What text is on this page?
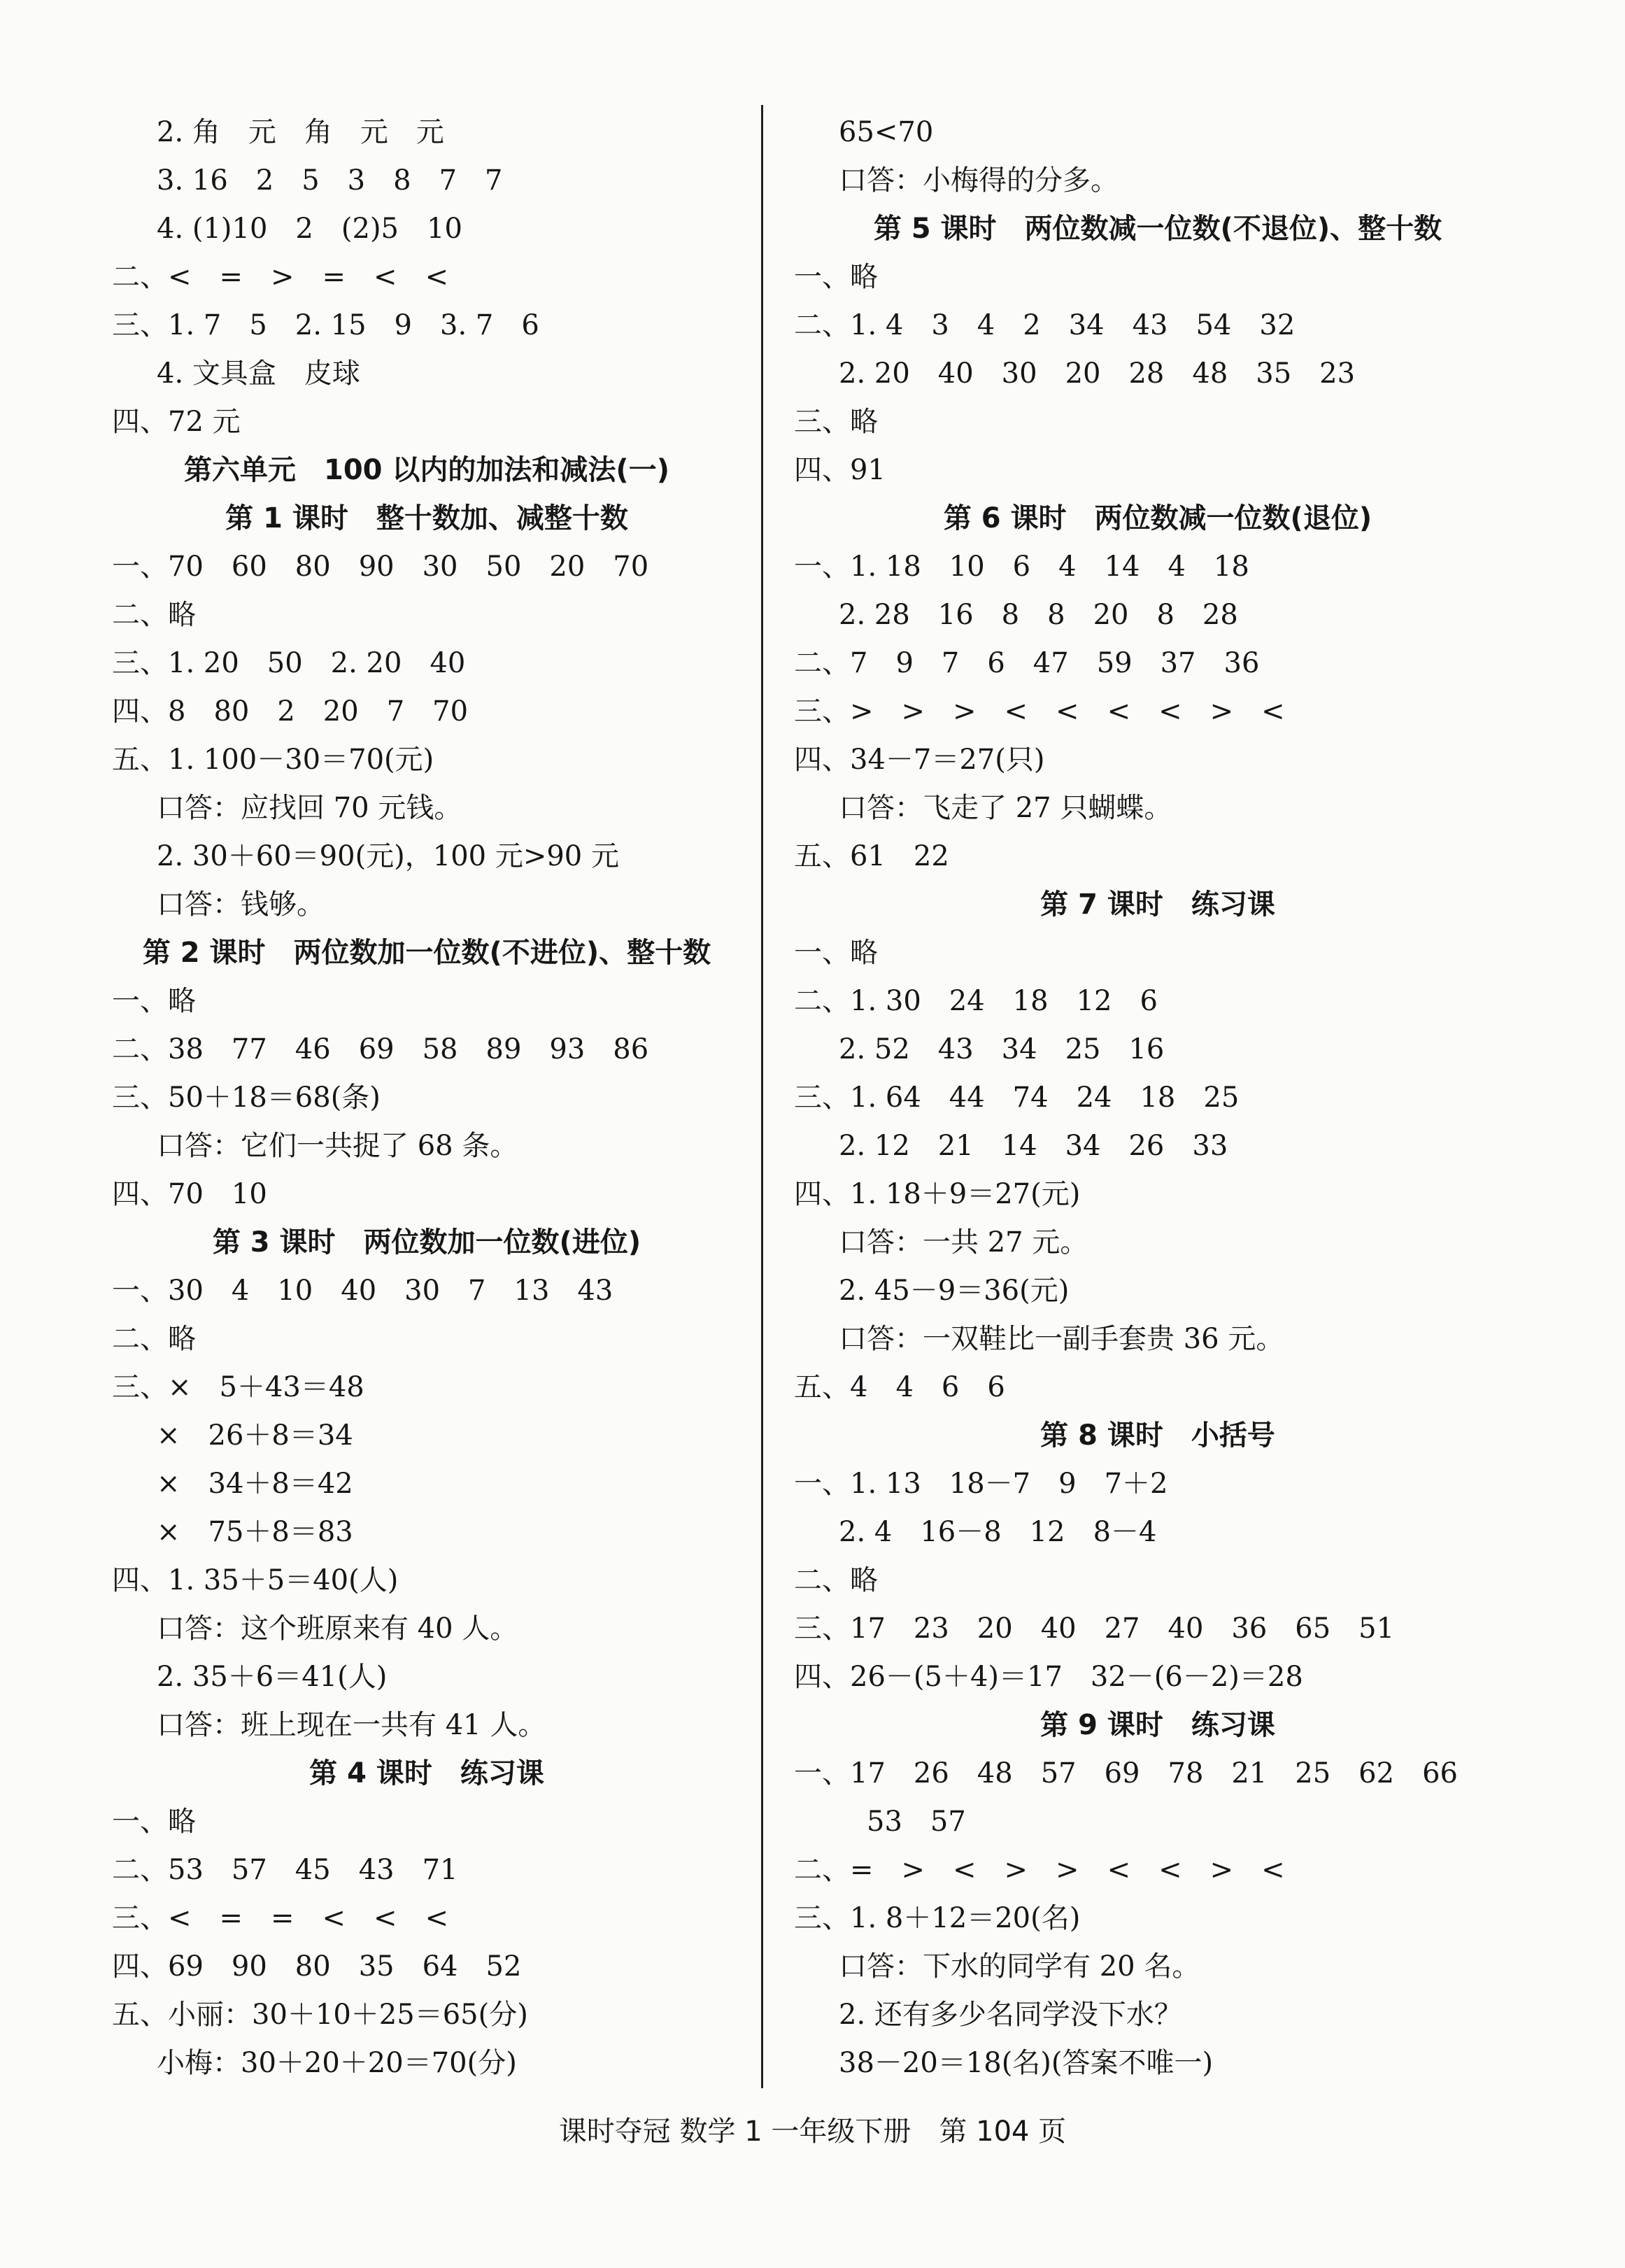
2. 角　元　角　元　元
3. 16　2　5　3　8　7　7
4. (1)10　2　(2)5　10
二、<　=　>　=　<　<
三、1. 7　5　2. 15　9　3. 7　6
4. 文具盒　皮球
四、72 元
第六单元　100 以内的加法和减法(一)
第 1 课时　整十数加、减整十数
一、70　60　80　90　30　50　20　70
二、略
三、1. 20　50　2. 20　40
四、8　80　2　20　7　70
五、1. 100－30＝70(元)
口答：应找回 70 元钱。
2. 30＋60＝90(元)，100 元>90 元
口答：钱够。
第 2 课时　两位数加一位数(不进位)、整十数
一、略
二、38　77　46　69　58　89　93　86
三、50＋18＝68(条)
口答：它们一共捉了 68 条。
四、70　10
第 3 课时　两位数加一位数(进位)
一、30　4　10　40　30　7　13　43
二、略
三、×　5＋43＝48
×　26＋8＝34
×　34＋8＝42
×　75＋8＝83
四、1. 35＋5＝40(人)
口答：这个班原来有 40 人。
2. 35＋6＝41(人)
口答：班上现在一共有 41 人。
第 4 课时　练习课
一、略
二、53　57　45　43　71
三、<　=　=　<　<　<
四、69　90　80　35　64　52
五、小丽：30＋10＋25＝65(分)
小梅：30＋20＋20＝70(分)
65<70
口答：小梅得的分多。
第 5 课时　两位数减一位数(不退位)、整十数
一、略
二、1. 4　3　4　2　34　43　54　32
2. 20　40　30　20　28　48　35　23
三、略
四、91
第 6 课时　两位数减一位数(退位)
一、1. 18　10　6　4　14　4　18
2. 28　16　8　8　20　8　28
二、7　9　7　6　47　59　37　36
三、>　>　>　<　<　<　<　>　<
四、34－7＝27(只)
口答：飞走了 27 只蝴蝶。
五、61　22
第 7 课时　练习课
一、略
二、1. 30　24　18　12　6
2. 52　43　34　25　16
三、1. 64　44　74　24　18　25
2. 12　21　14　34　26　33
四、1. 18＋9＝27(元)
口答：一共 27 元。
2. 45－9＝36(元)
口答：一双鞋比一副手套贵 36 元。
五、4　4　6　6
第 8 课时　小括号
一、1. 13　18－7　9　7＋2
2. 4　16－8　12　8－4
二、略
三、17　23　20　40　27　40　36　65　51
四、26－(5＋4)＝17　32－(6－2)＝28
第 9 课时　练习课
一、17　26　48　57　69　78　21　25　62　66
53　57
二、=　>　<　>　>　<　<　>　<
三、1. 8＋12＝20(名)
口答：下水的同学有 20 名。
2. 还有多少名同学没下水？
38－20＝18(名)(答案不唯一)
课时夺冠 数学 1 一年级下册　第 104 页
